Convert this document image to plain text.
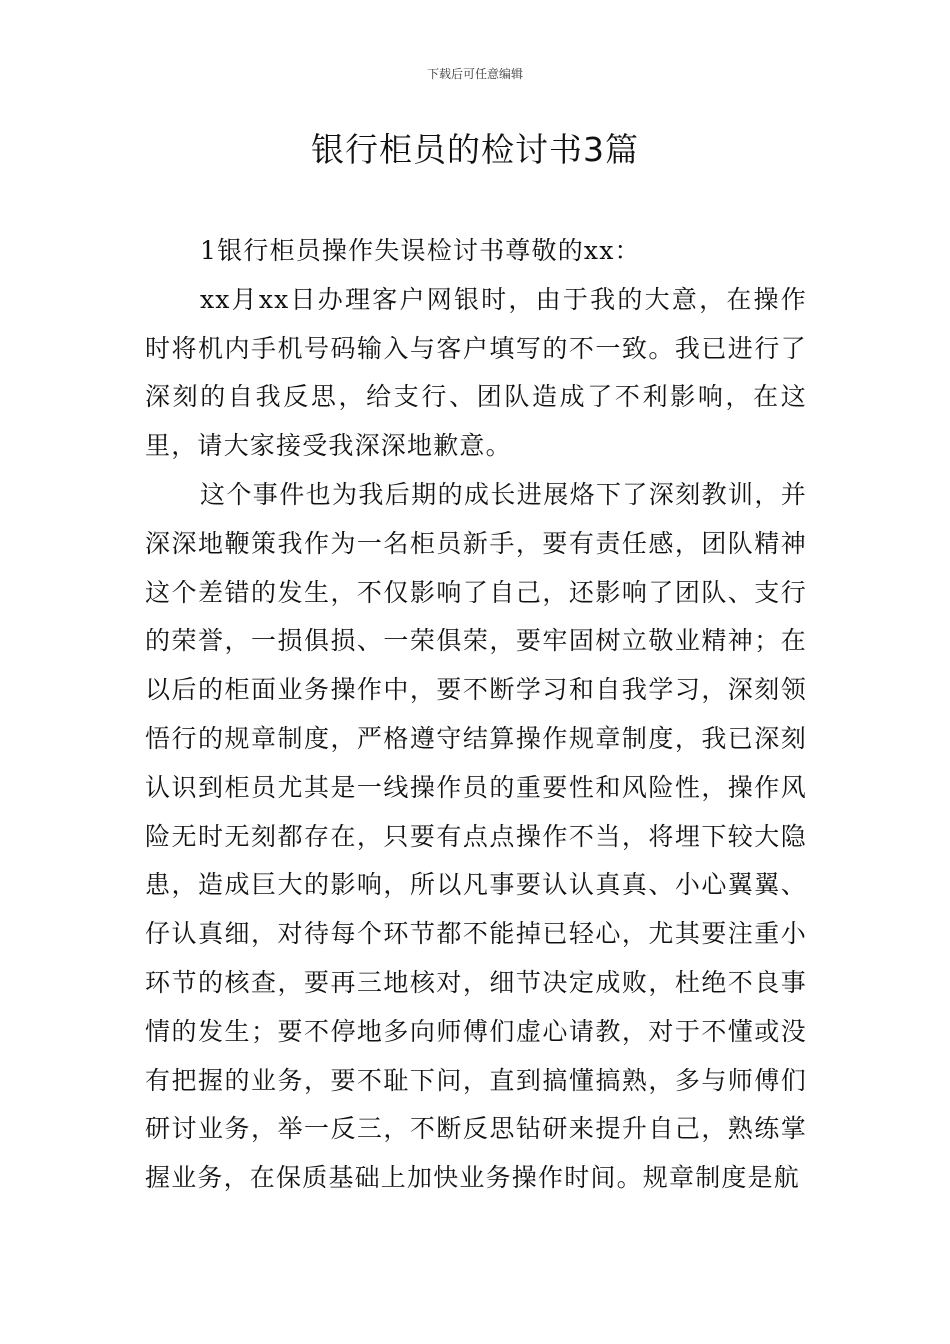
下载后可任意编辑
银行柜员的检讨书3篇

1银行柜员操作失误检讨书尊敬的xx：

xx月xx日办理客户网银时，由于我的大意，在操作时将机内手机号码输入与客户填写的不一致。我已进行了深刻的自我反思，给支行、团队造成了不利影响，在这里，请大家接受我深深地歉意。

这个事件也为我后期的成长进展烙下了深刻教训，并深深地鞭策我作为一名柜员新手，要有责任感，团队精神这个差错的发生，不仅影响了自己，还影响了团队、支行的荣誉，一损俱损、一荣俱荣，要牢固树立敬业精神；在以后的柜面业务操作中，要不断学习和自我学习，深刻领悟行的规章制度，严格遵守结算操作规章制度，我已深刻认识到柜员尤其是一线操作员的重要性和风险性，操作风险无时无刻都存在，只要有点点操作不当，将埋下较大隐患，造成巨大的影响，所以凡事要认认真真、小心翼翼、仔认真细，对待每个环节都不能掉已轻心，尤其要注重小环节的核查，要再三地核对，细节决定成败，杜绝不良事情的发生；要不停地多向师傅们虚心请教，对于不懂或没有把握的业务，要不耻下问，直到搞懂搞熟，多与师傅们研讨业务，举一反三，不断反思钻研来提升自己，熟练掌握业务，在保质基础上加快业务操作时间。规章制度是航
